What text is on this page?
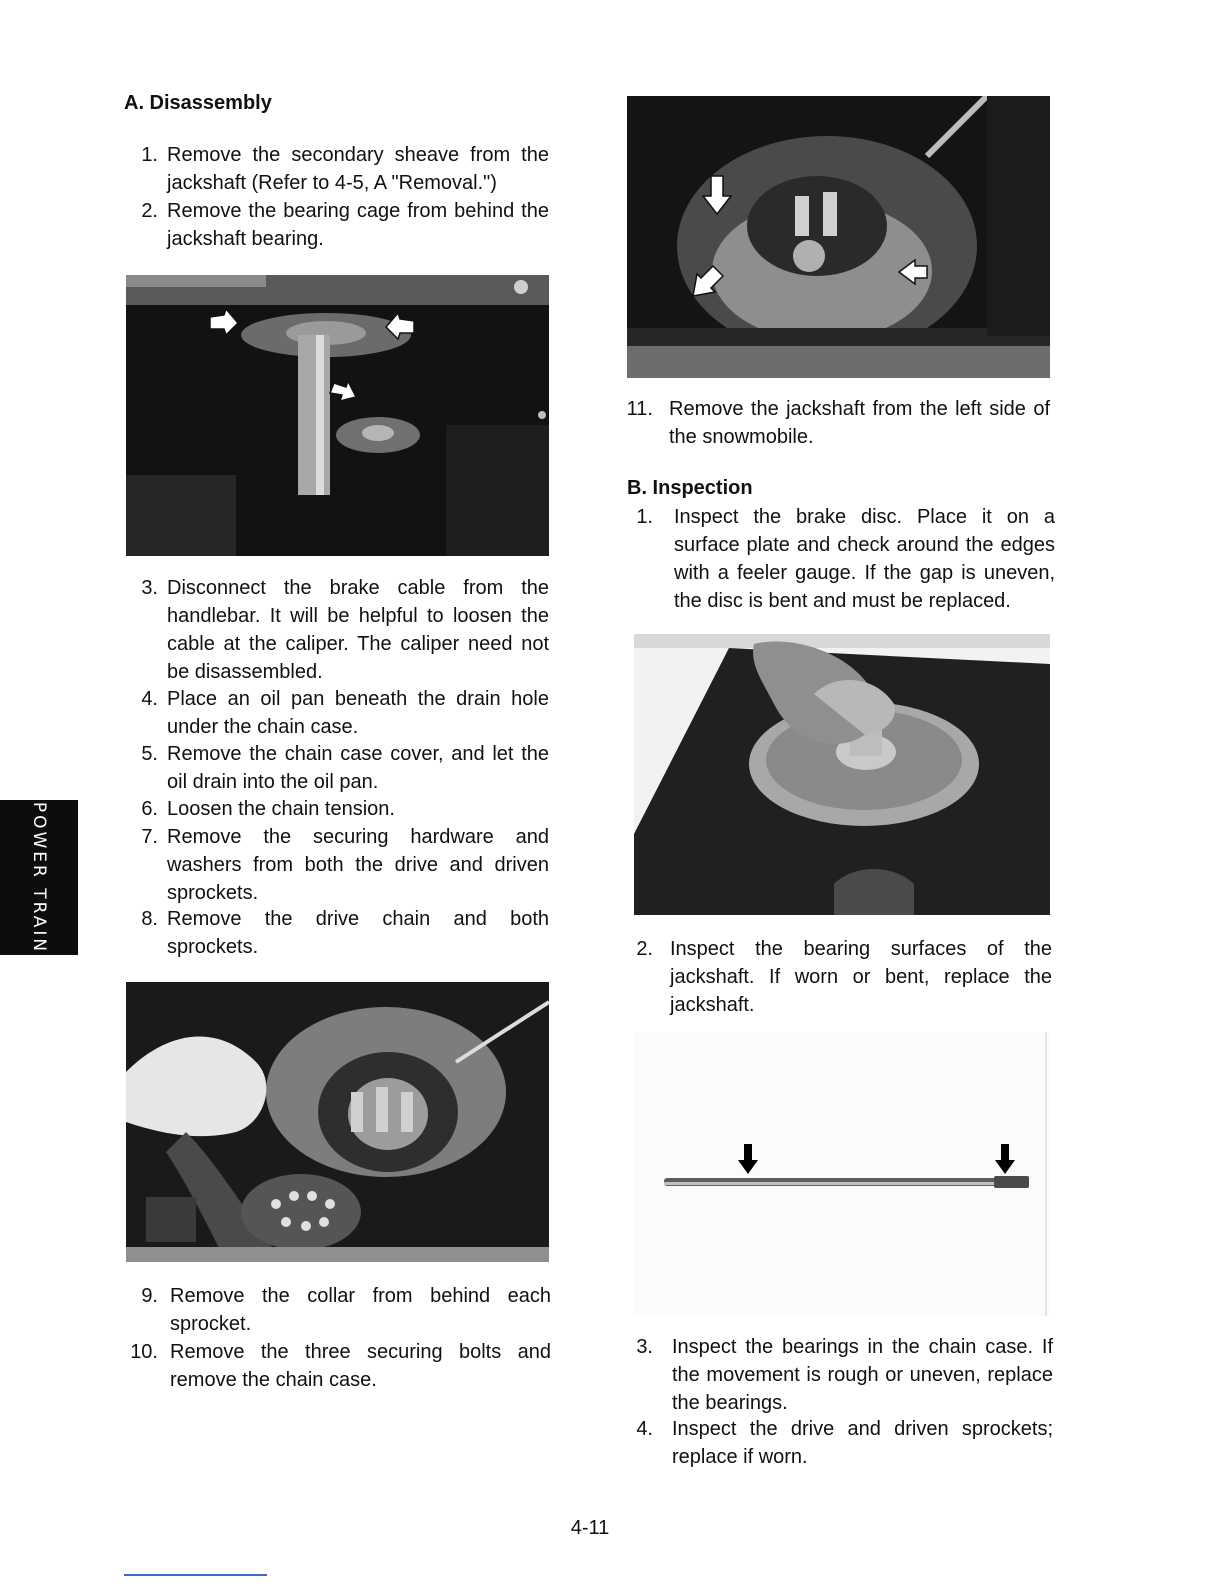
POWER TRAIN
A. Disassembly
1. Remove the secondary sheave from the jackshaft (Refer to 4-5, A "Removal.")
2. Remove the bearing cage from behind the jackshaft bearing.
3. Disconnect the brake cable from the handlebar. It will be helpful to loosen the cable at the caliper. The caliper need not be disassembled.
4. Place an oil pan beneath the drain hole under the chain case.
5. Remove the chain case cover, and let the oil drain into the oil pan.
6. Loosen the chain tension.
7. Remove the securing hardware and washers from both the drive and driven sprockets.
8. Remove the drive chain and both sprockets.
9. Remove the collar from behind each sprocket.
10. Remove the three securing bolts and remove the chain case.
11. Remove the jackshaft from the left side of the snowmobile.
B. Inspection
1. Inspect the brake disc. Place it on a surface plate and check around the edges with a feeler gauge. If the gap is uneven, the disc is bent and must be replaced.
2. Inspect the bearing surfaces of the jackshaft. If worn or bent, replace the jackshaft.
3. Inspect the bearings in the chain case. If the movement is rough or uneven, replace the bearings.
4. Inspect the drive and driven sprockets; replace if worn.
4-11
